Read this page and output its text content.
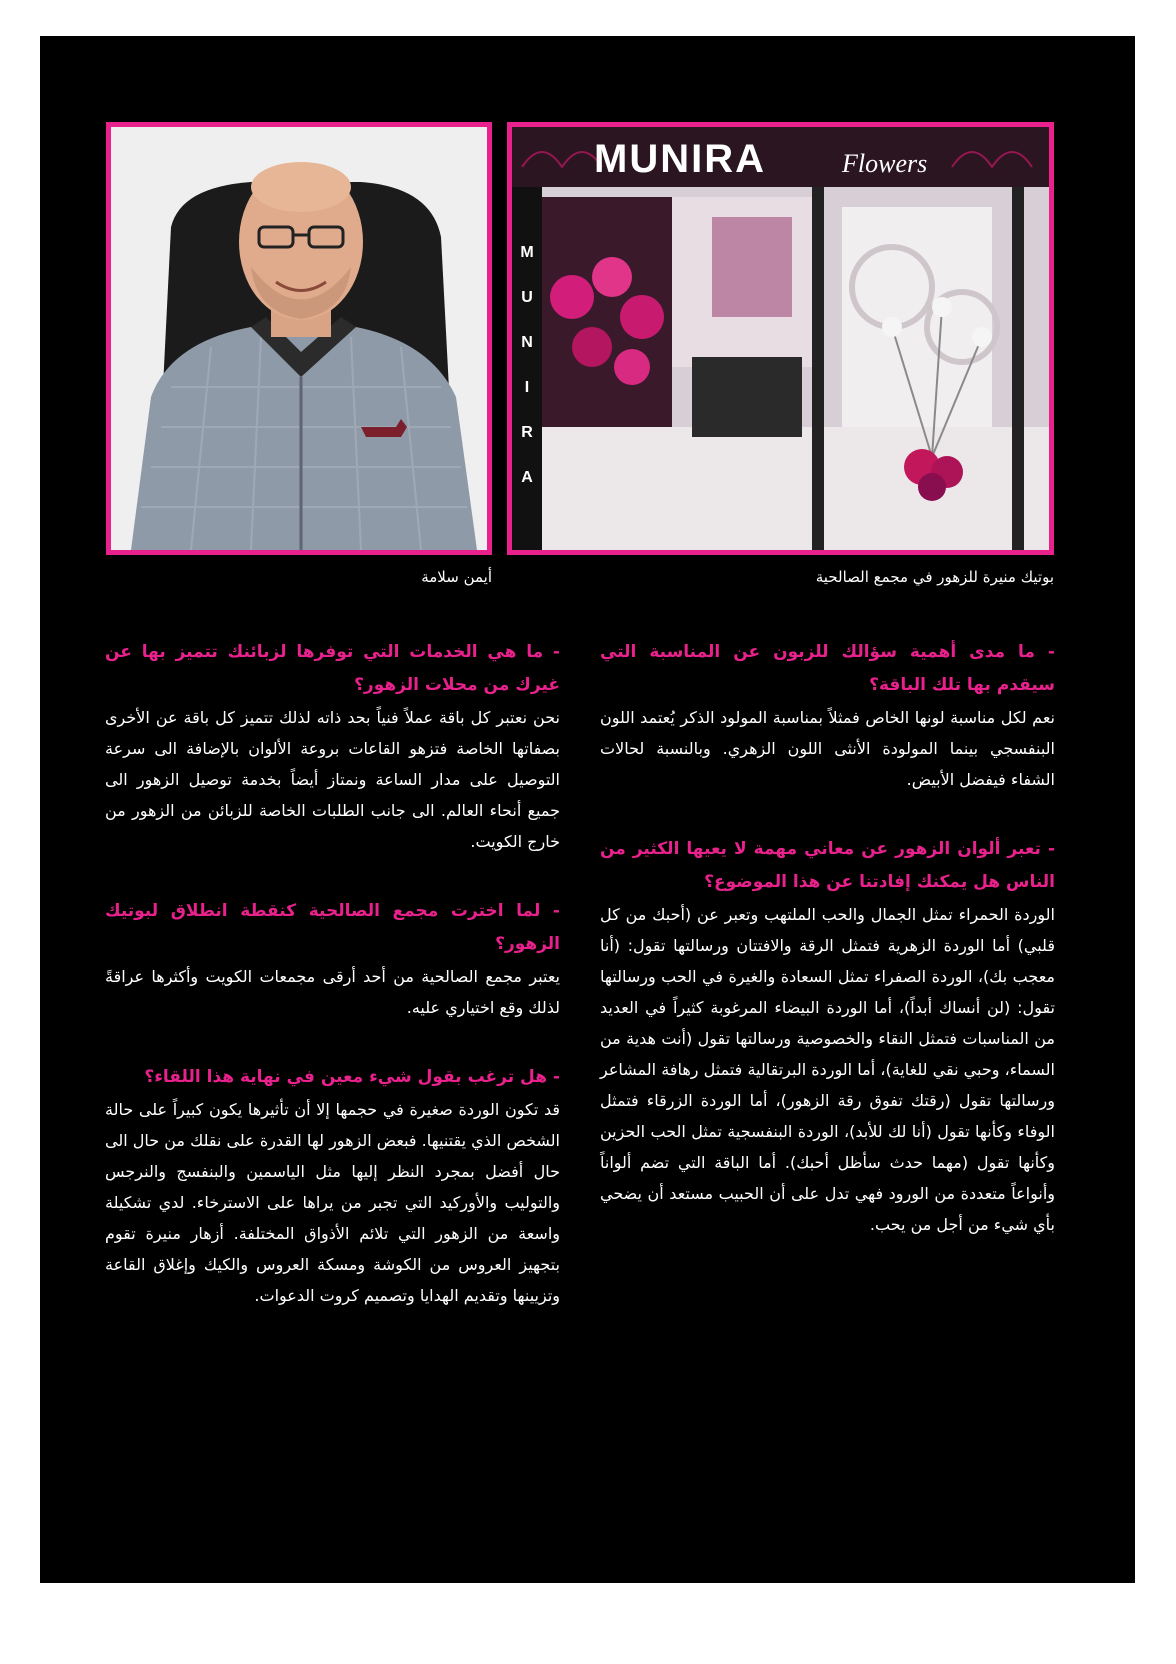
MUNIRA	Flowers
M
U
N
I
R
A
بوتيك منيرة للزهور في مجمع الصالحية
أيمن سلامة

- ما مدى أهمية سؤالك للزبون عن المناسبة التي سيقدم بها تلك الباقة؟

نعم لكل مناسبة لونها الخاص فمثلاً بمناسبة المولود الذكر يُعتمد اللون البنفسجي بينما المولودة الأنثى اللون الزهري. وبالنسبة لحالات الشفاء فيفضل الأبيض.

- تعبر ألوان الزهور عن معاني مهمة لا يعيها الكثير من الناس هل يمكنك إفادتنا عن هذا الموضوع؟

الوردة الحمراء تمثل الجمال والحب الملتهب وتعبر عن (أحبك من كل قلبي) أما الوردة الزهرية فتمثل الرقة والافتتان ورسالتها تقول: (أنا معجب بك)، الوردة الصفراء تمثل السعادة والغيرة في الحب ورسالتها تقول: (لن أنساك أبداً)، أما الوردة البيضاء المرغوبة كثيراً في العديد من المناسبات فتمثل النقاء والخصوصية ورسالتها تقول (أنت هدية من السماء، وحبي نقي للغاية)، أما الوردة البرتقالية فتمثل رهافة المشاعر ورسالتها تقول (رقتك تفوق رقة الزهور)، أما الوردة الزرقاء فتمثل الوفاء وكأنها تقول (أنا لك للأبد)، الوردة البنفسجية تمثل الحب الحزين وكأنها تقول (مهما حدث سأظل أحبك). أما الباقة التي تضم ألواناً وأنواعاً متعددة من الورود فهي تدل على أن الحبيب مستعد أن يضحي بأي شيء من أجل من يحب.

- ما هي الخدمات التي توفرها لزبائنك تتميز بها عن غيرك من محلات الزهور؟

نحن نعتبر كل باقة عملاً فنياً بحد ذاته لذلك تتميز كل باقة عن الأخرى بصفاتها الخاصة فتزهو القاعات بروعة الألوان بالإضافة الى سرعة التوصيل على مدار الساعة ونمتاز أيضاً بخدمة توصيل الزهور الى جميع أنحاء العالم. الى جانب الطلبات الخاصة للزبائن من الزهور من خارج الكويت.

- لما اخترت مجمع الصالحية كنقطة انطلاق لبوتيك الزهور؟

يعتبر مجمع الصالحية من أحد أرقى مجمعات الكويت وأكثرها عراقةً لذلك وقع اختياري عليه.

- هل ترغب بقول شيء معين في نهاية هذا اللقاء؟

قد تكون الوردة صغيرة في حجمها إلا أن تأثيرها يكون كبيراً على حالة الشخص الذي يقتنيها. فبعض الزهور لها القدرة على نقلك من حال الى حال أفضل بمجرد النظر إليها مثل الياسمين والبنفسج والنرجس والتوليب والأوركيد التي تجبر من يراها على الاسترخاء. لدي تشكيلة واسعة من الزهور التي تلائم الأذواق المختلفة. أزهار منيرة تقوم بتجهيز العروس من الكوشة ومسكة العروس والكيك وإغلاق القاعة وتزيينها وتقديم الهدايا وتصميم كروت الدعوات.
